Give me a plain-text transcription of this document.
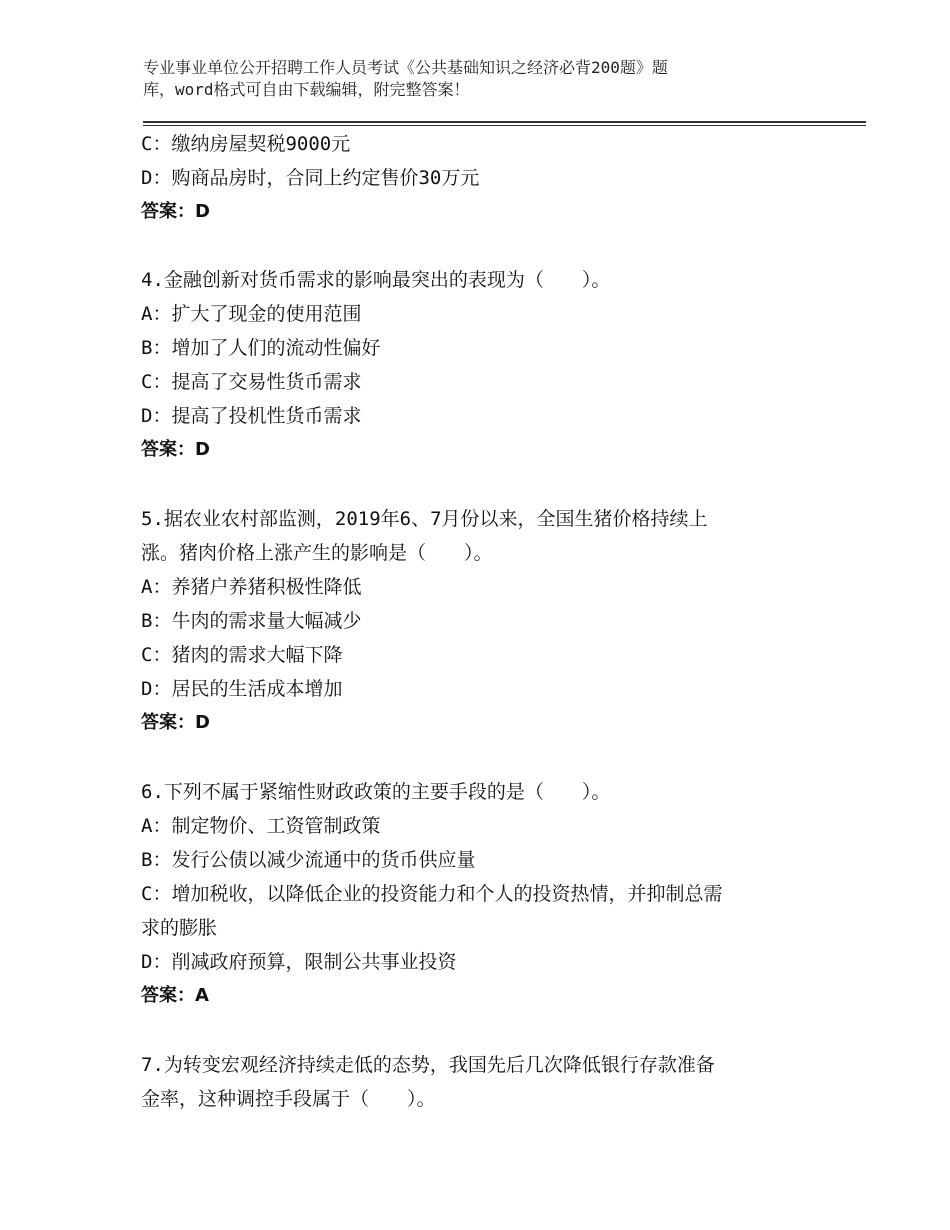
专业事业单位公开招聘工作人员考试《公共基础知识之经济必背200题》题
库，word格式可自由下载编辑，附完整答案！
C：缴纳房屋契税9000元
D：购商品房时，合同上约定售价30万元
答案：D
4.金融创新对货币需求的影响最突出的表现为（　　）。
A：扩大了现金的使用范围
B：增加了人们的流动性偏好
C：提高了交易性货币需求
D：提高了投机性货币需求
答案：D
5.据农业农村部监测，2019年6、7月份以来，全国生猪价格持续上
涨。猪肉价格上涨产生的影响是（　　）。
A：养猪户养猪积极性降低
B：牛肉的需求量大幅减少
C：猪肉的需求大幅下降
D：居民的生活成本增加
答案：D
6.下列不属于紧缩性财政政策的主要手段的是（　　）。
A：制定物价、工资管制政策
B：发行公债以减少流通中的货币供应量
C：增加税收，以降低企业的投资能力和个人的投资热情，并抑制总需
求的膨胀
D：削减政府预算，限制公共事业投资
答案：A
7.为转变宏观经济持续走低的态势，我国先后几次降低银行存款准备
金率，这种调控手段属于（　　）。
